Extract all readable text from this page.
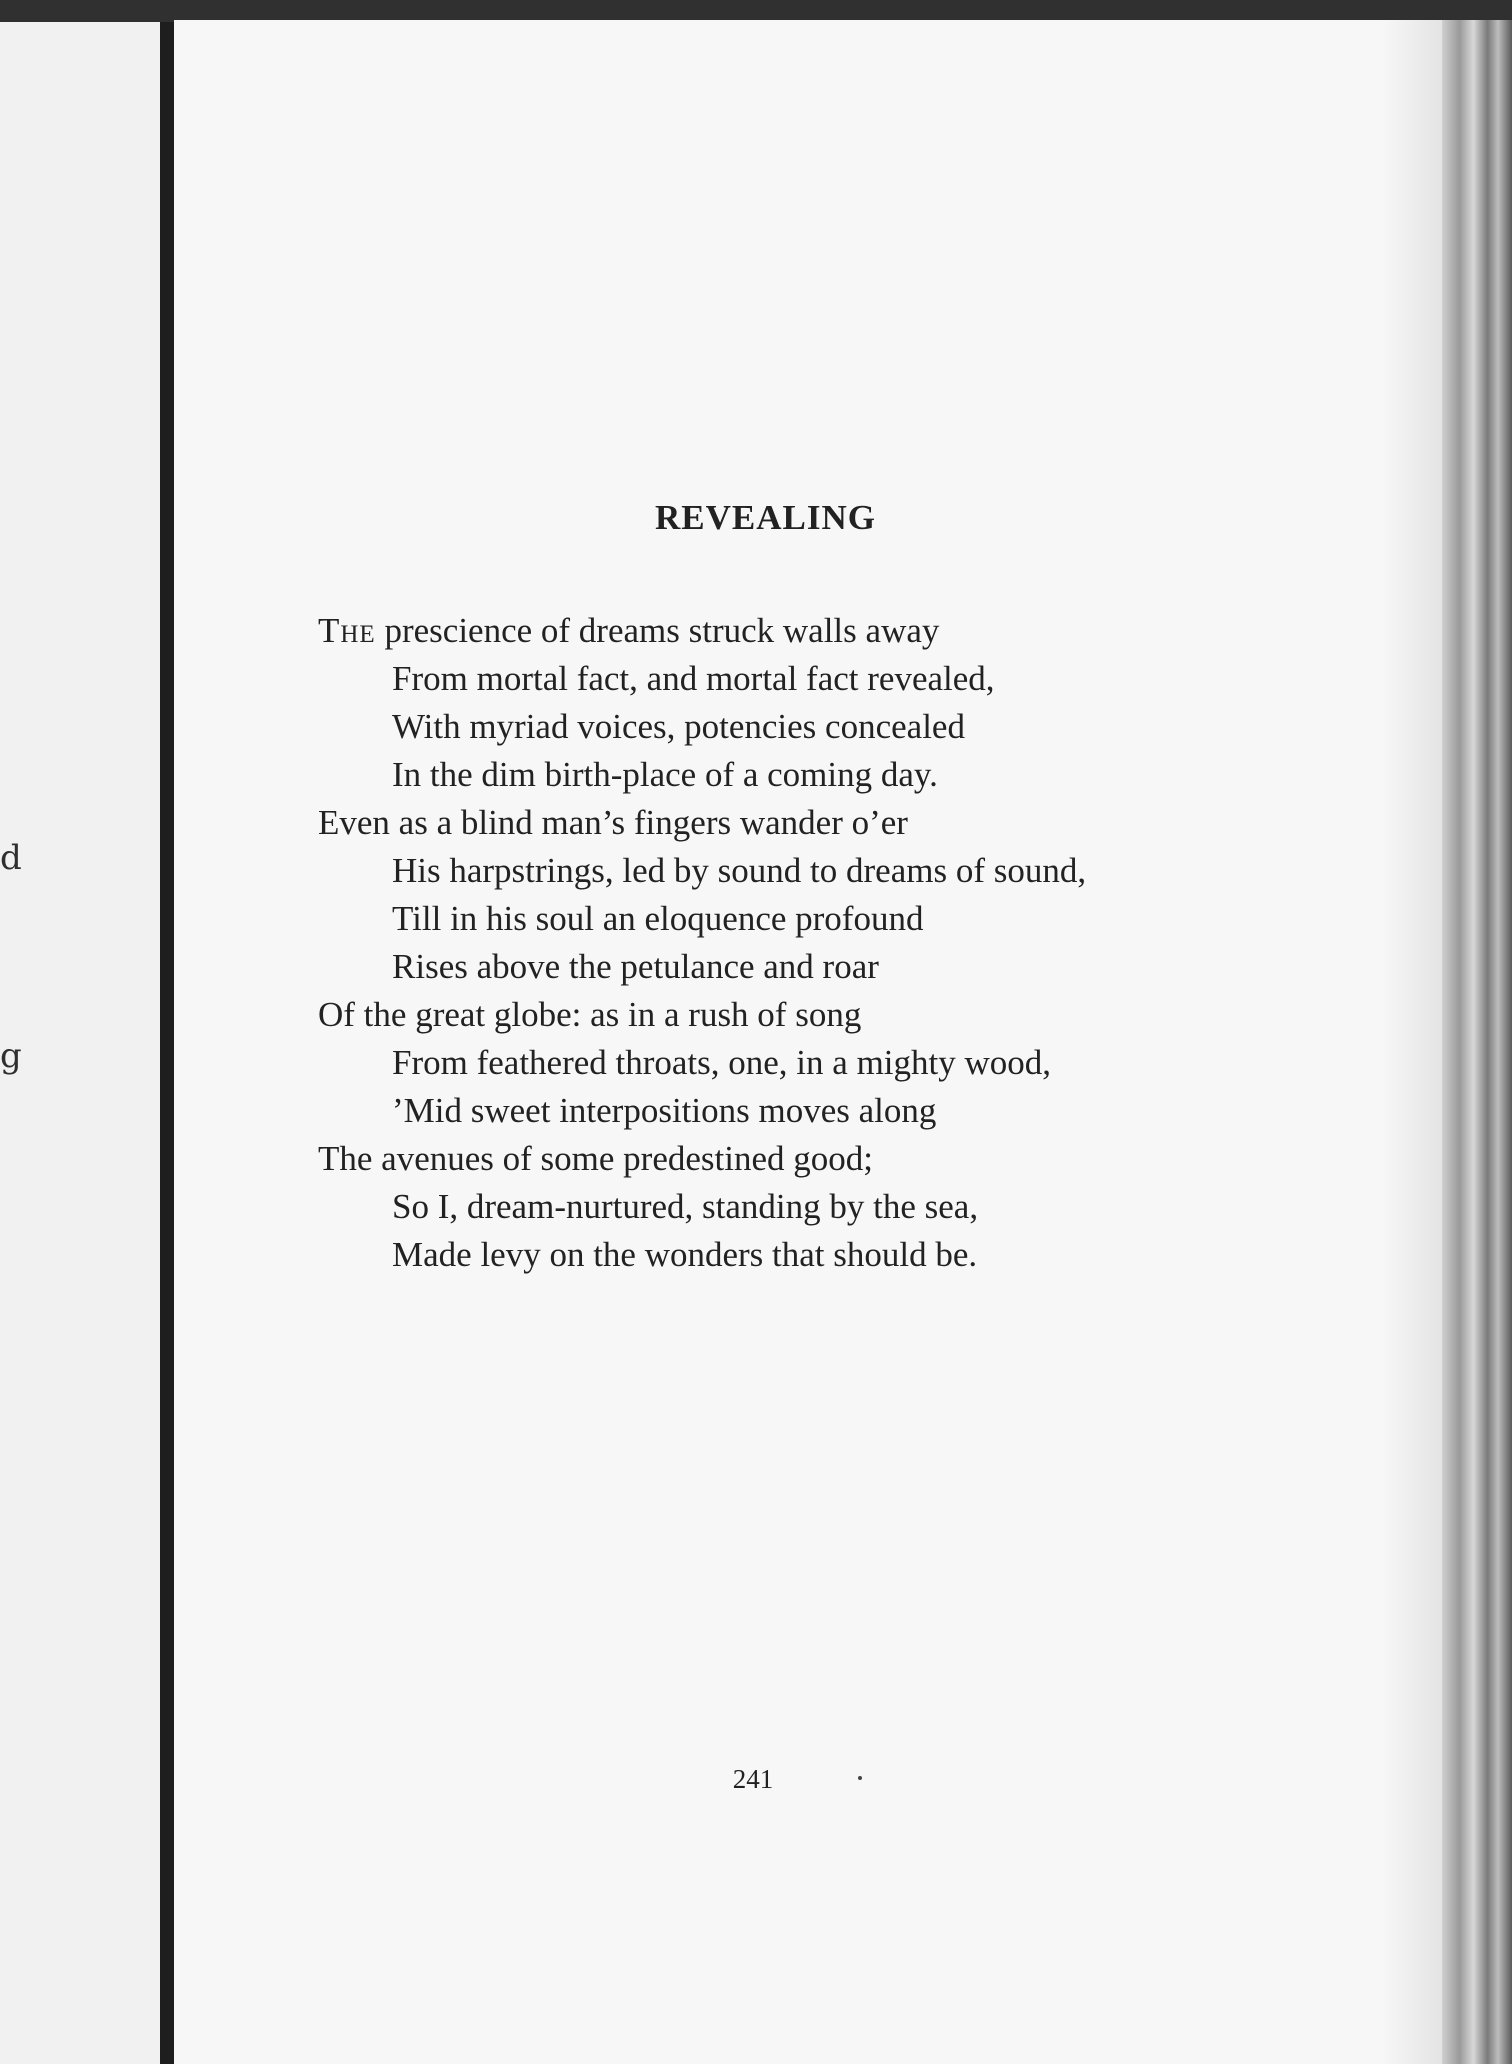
d
g
REVEALING
The prescience of dreams struck walls away
From mortal fact, and mortal fact revealed,
With myriad voices, potencies concealed
In the dim birth-place of a coming day.
Even as a blind man’s fingers wander o’er
His harpstrings, led by sound to dreams of sound,
Till in his soul an eloquence profound
Rises above the petulance and roar
Of the great globe: as in a rush of song
From feathered throats, one, in a mighty wood,
’Mid sweet interpositions moves along
The avenues of some predestined good;
So I, dream-nurtured, standing by the sea,
Made levy on the wonders that should be.
241
